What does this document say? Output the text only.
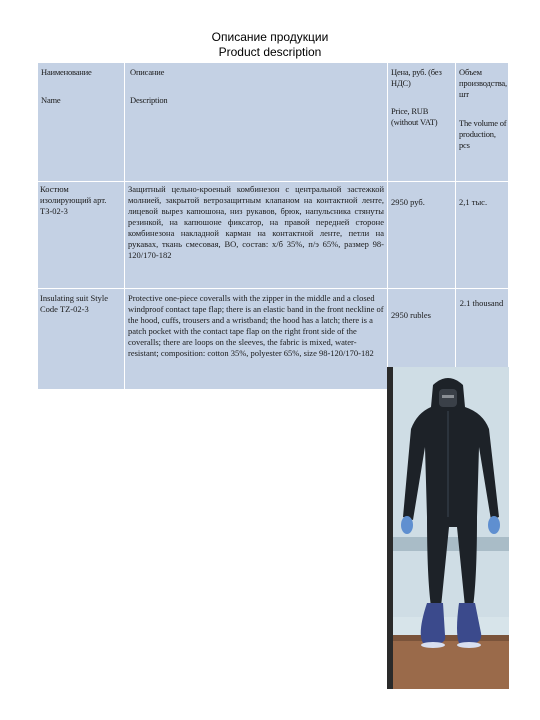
Описание продукции
Product description
Наименование
Name
Описание
Description
Цена, руб. (без НДС)
Price, RUB (without VAT)
Объем производства, шт
The volume of production, pcs
Костюм изолирующий арт. ТЗ-02-3
Защитный цельно-кроеный комбинезон с центральной застежкой молнией, закрытой ветрозащитным клапаном на контактной ленте, лицевой вырез капюшона, низ рукавов, брюк, напульсника стянуты резинкой, на капюшоне фиксатор, на правой передней стороне комбинезона накладной карман на контактной ленте, петли на рукавах, ткань смесовая, ВО, состав: х/б 35%, п/э 65%, размер 98-120/170-182
2950 руб.	2,1 тыс.
Insulating suit Style Code TZ-02-3
Protective one-piece coveralls with the zipper in the middle and a closed windproof contact tape flap; there is an elastic band in the front neckline of the hood, cuffs, trousers and a wristband; the hood has a latch; there is a patch pocket with the contact tape flap on the right front side of the coveralls; there are loops on the sleeves, the fabric is mixed, water-resistant; composition: cotton 35%, polyester 65%, size 98-120/170-182
2950 rubles
2.1 thousand
